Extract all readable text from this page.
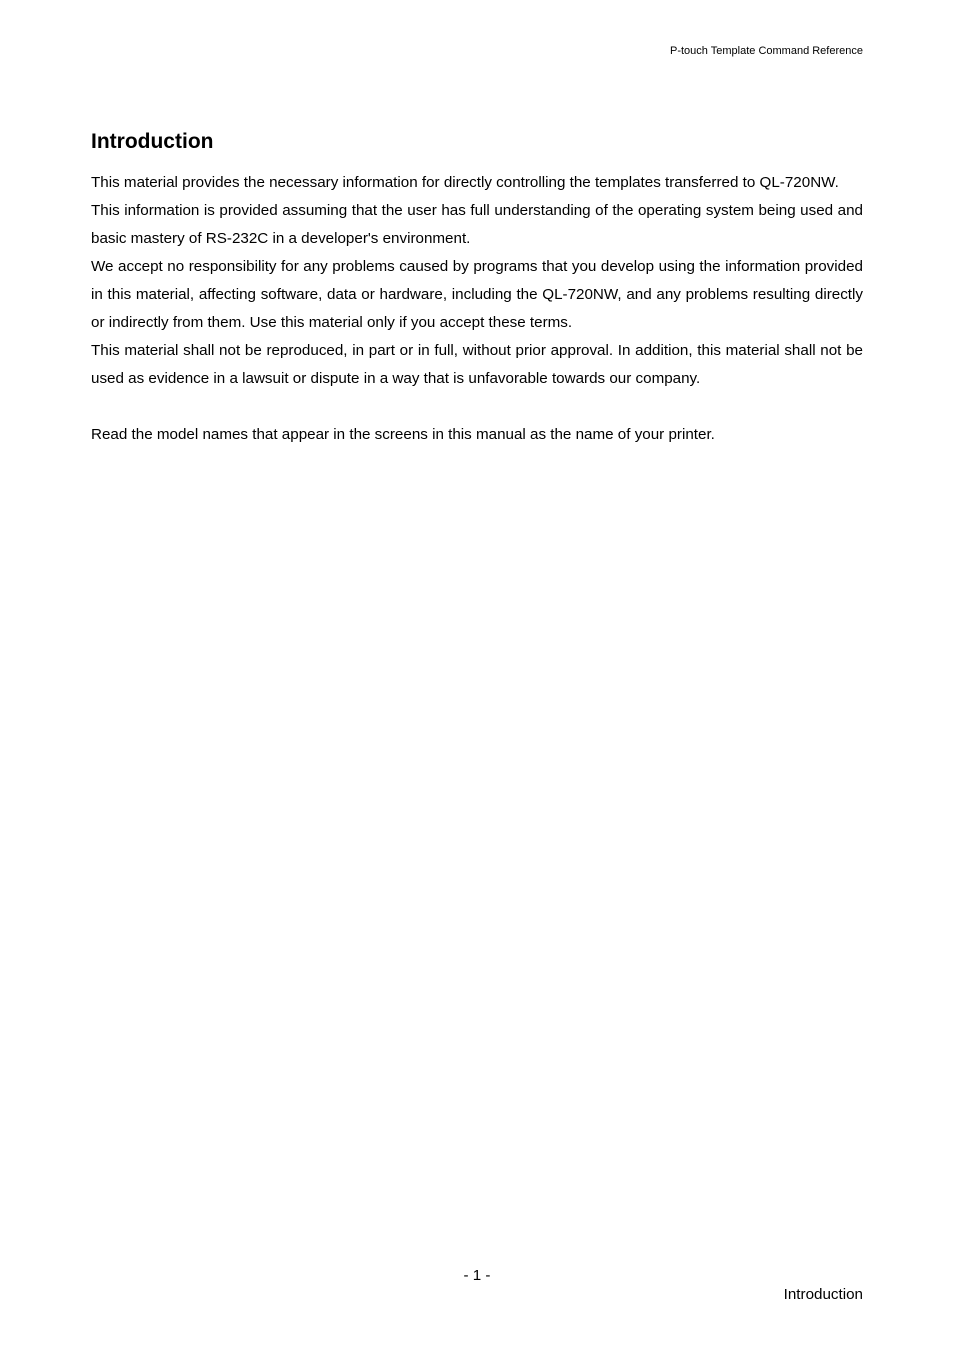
P-touch Template Command Reference
Introduction

This material provides the necessary information for directly controlling the templates transferred to QL-720NW.

This information is provided assuming that the user has full understanding of the operating system being used and basic mastery of RS-232C in a developer's environment.

We accept no responsibility for any problems caused by programs that you develop using the information provided in this material, affecting software, data or hardware, including the QL-720NW, and any problems resulting directly or indirectly from them. Use this material only if you accept these terms.

This material shall not be reproduced, in part or in full, without prior approval. In addition, this material shall not be used as evidence in a lawsuit or dispute in a way that is unfavorable towards our company.

Read the model names that appear in the screens in this manual as the name of your printer.

- 1 -
Introduction
